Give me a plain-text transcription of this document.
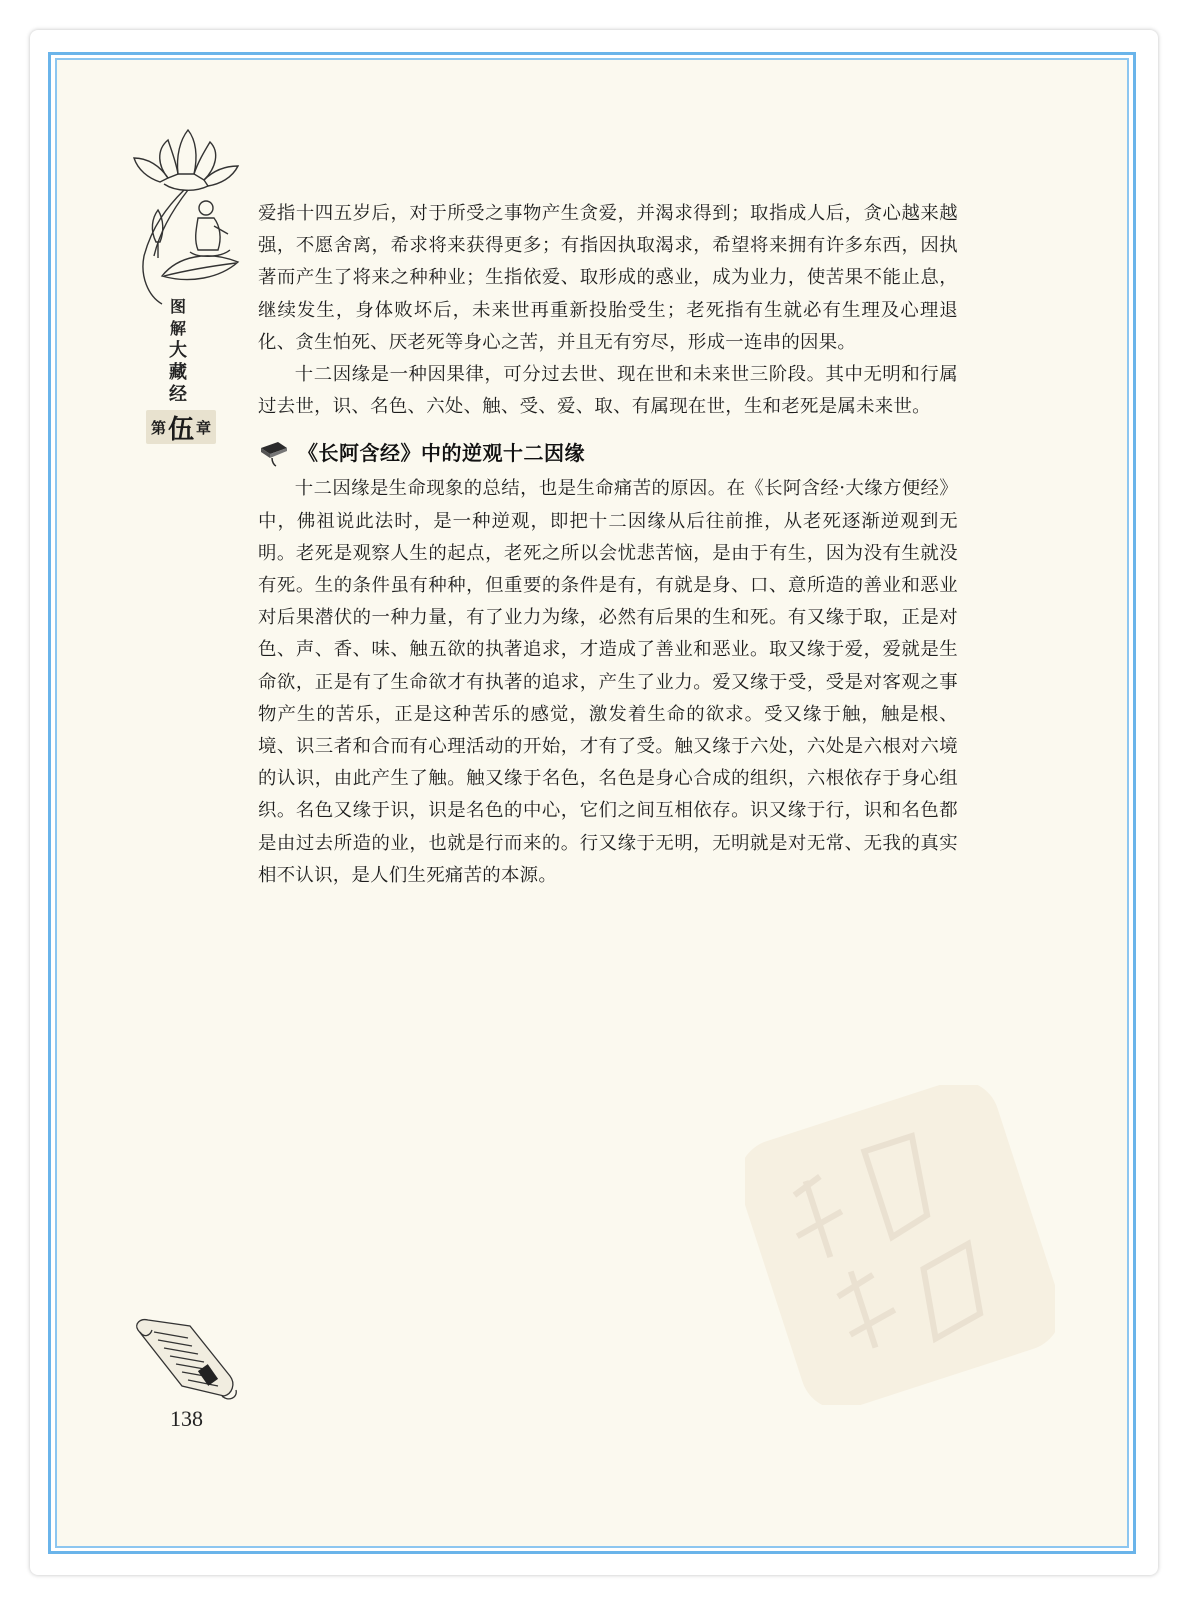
图
解
大
藏
经
第 伍 章

爱指十四五岁后，对于所受之事物产生贪爱，并渴求得到；取指成人后，贪心越来越强，不愿舍离，希求将来获得更多；有指因执取渴求，希望将来拥有许多东西，因执著而产生了将来之种种业；生指依爱、取形成的惑业，成为业力，使苦果不能止息，继续发生，身体败坏后，未来世再重新投胎受生；老死指有生就必有生理及心理退化、贪生怕死、厌老死等身心之苦，并且无有穷尽，形成一连串的因果。

十二因缘是一种因果律，可分过去世、现在世和未来世三阶段。其中无明和行属过去世，识、名色、六处、触、受、爱、取、有属现在世，生和老死是属未来世。

《长阿含经》中的逆观十二因缘

十二因缘是生命现象的总结，也是生命痛苦的原因。在《长阿含经·大缘方便经》中，佛祖说此法时，是一种逆观，即把十二因缘从后往前推，从老死逐渐逆观到无明。老死是观察人生的起点，老死之所以会忧悲苦恼，是由于有生，因为没有生就没有死。生的条件虽有种种，但重要的条件是有，有就是身、口、意所造的善业和恶业对后果潜伏的一种力量，有了业力为缘，必然有后果的生和死。有又缘于取，正是对色、声、香、味、触五欲的执著追求，才造成了善业和恶业。取又缘于爱，爱就是生命欲，正是有了生命欲才有执著的追求，产生了业力。爱又缘于受，受是对客观之事物产生的苦乐，正是这种苦乐的感觉，激发着生命的欲求。受又缘于触，触是根、境、识三者和合而有心理活动的开始，才有了受。触又缘于六处，六处是六根对六境的认识，由此产生了触。触又缘于名色，名色是身心合成的组织，六根依存于身心组织。名色又缘于识，识是名色的中心，它们之间互相依存。识又缘于行，识和名色都是由过去所造的业，也就是行而来的。行又缘于无明，无明就是对无常、无我的真实相不认识，是人们生死痛苦的本源。

138
